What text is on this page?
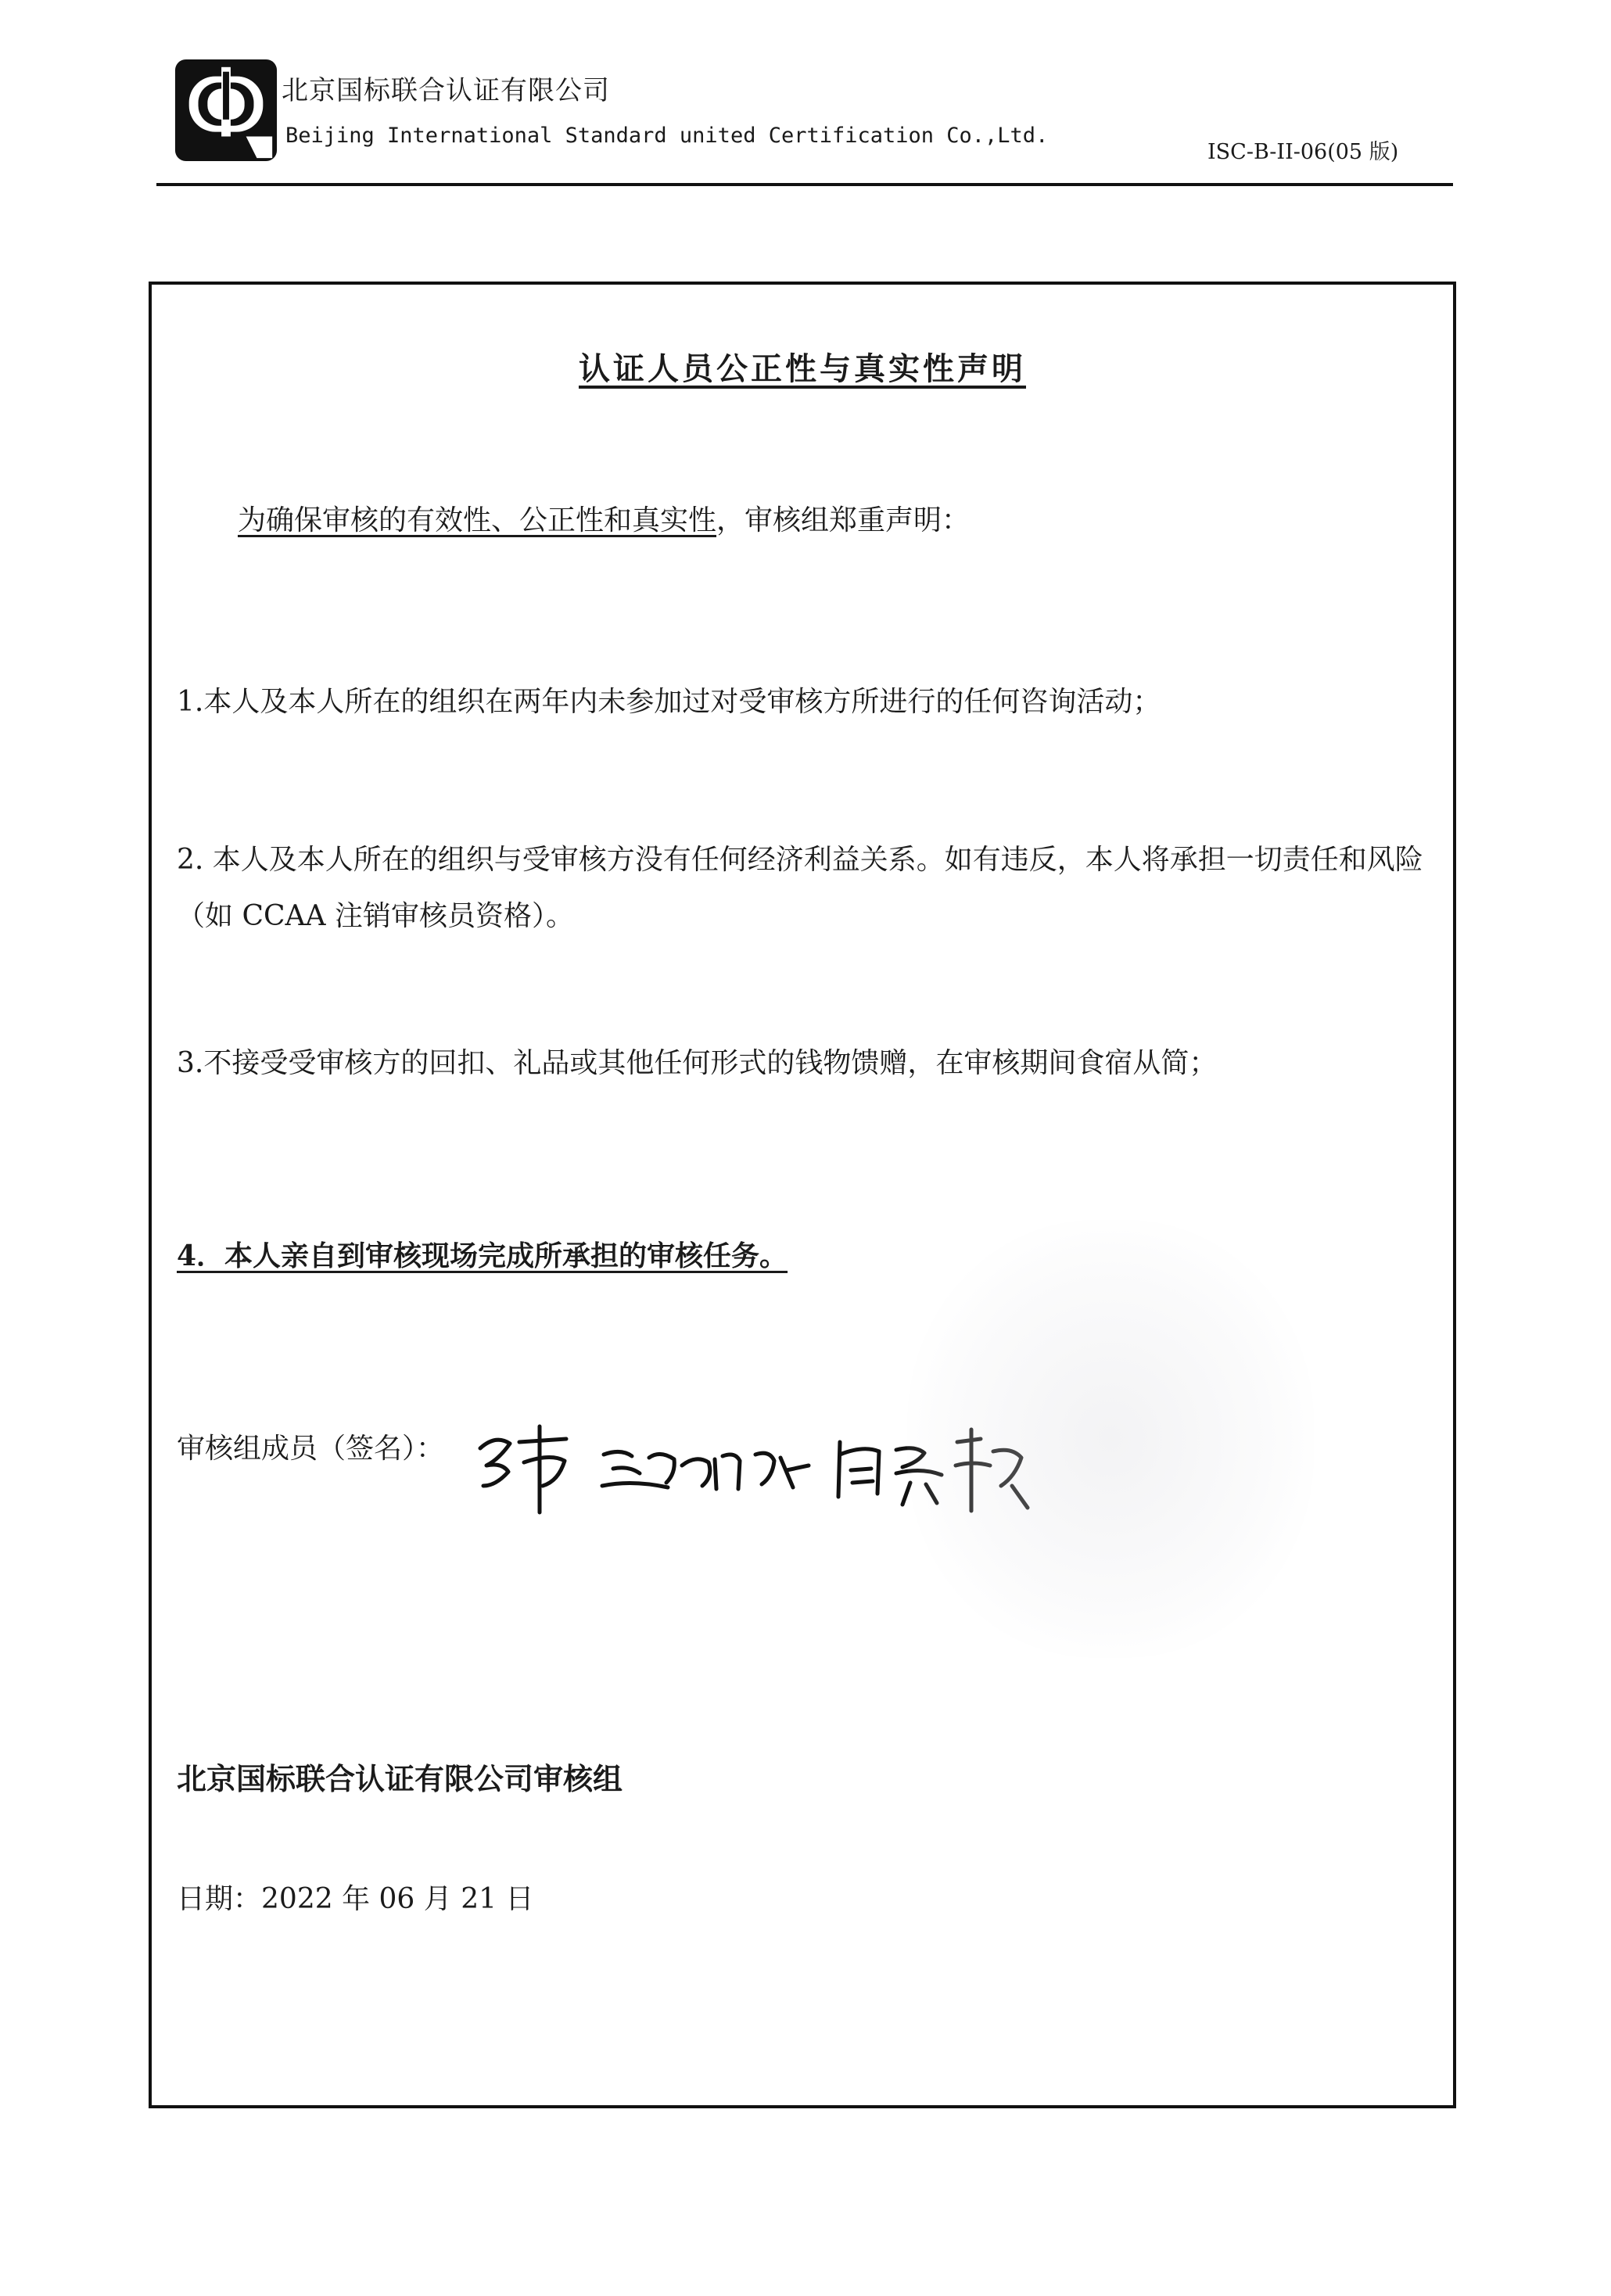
北京国标联合认证有限公司
Beijing International Standard united Certification Co.,Ltd.
ISC-B-II-06(05 版)
认证人员公正性与真实性声明
为确保审核的有效性、公正性和真实性，审核组郑重声明：
1.本人及本人所在的组织在两年内未参加过对受审核方所进行的任何咨询活动；
2. 本人及本人所在的组织与受审核方没有任何经济利益关系。如有违反，本人将承担一切责任和风险（如 CCAA 注销审核员资格）。
3.不接受受审核方的回扣、礼品或其他任何形式的钱物馈赠，在审核期间食宿从简；
4．本人亲自到审核现场完成所承担的审核任务。
审核组成员（签名）：
北京国标联合认证有限公司审核组
日期：2022 年 06 月 21 日
